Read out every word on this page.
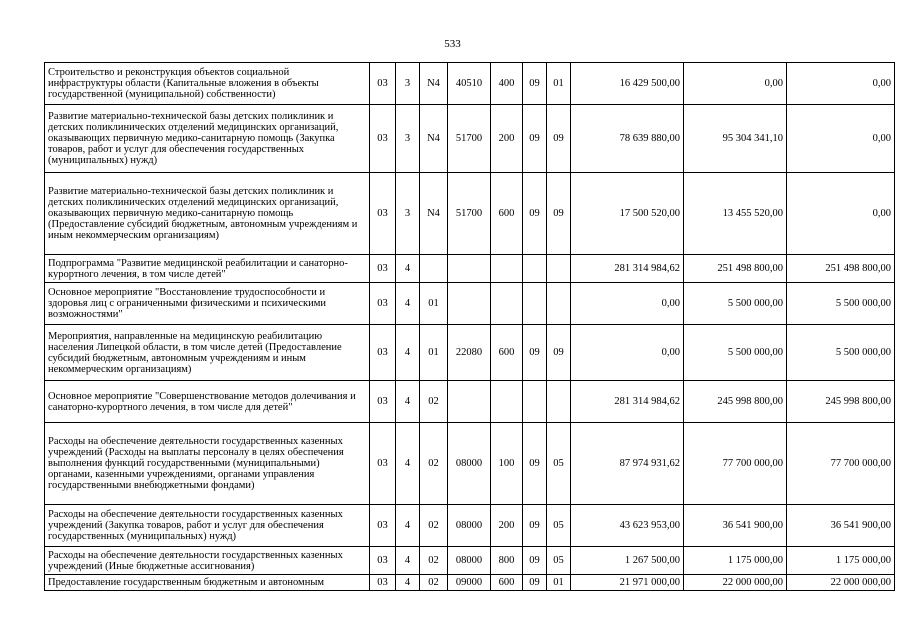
533
Строительство и реконструкция объектов социальной инфраструктуры области (Капитальные вложения в объекты государственной (муниципальной) собственности)	03	3	N4	40510	400	09	01	16 429 500,00	0,00	0,00
Развитие материально-технической базы детских поликлиник и детских поликлинических отделений медицинских организаций, оказывающих первичную медико-санитарную помощь (Закупка товаров, работ и услуг для обеспечения государственных (муниципальных) нужд)	03	3	N4	51700	200	09	09	78 639 880,00	95 304 341,10	0,00
Развитие материально-технической базы детских поликлиник и детских поликлинических отделений медицинских организаций, оказывающих первичную медико-санитарную помощь (Предоставление субсидий бюджетным, автономным учреждениям и иным некоммерческим организациям)	03	3	N4	51700	600	09	09	17 500 520,00	13 455 520,00	0,00
Подпрограмма "Развитие медицинской реабилитации и санаторно-курортного лечения, в том числе детей"	03	4						281 314 984,62	251 498 800,00	251 498 800,00
Основное мероприятие "Восстановление трудоспособности и здоровья лиц с ограниченными физическими и психическими возможностями"	03	4	01					0,00	5 500 000,00	5 500 000,00
Мероприятия, направленные на медицинскую реабилитацию населения Липецкой области, в том числе детей (Предоставление субсидий бюджетным, автономным учреждениям и иным некоммерческим организациям)	03	4	01	22080	600	09	09	0,00	5 500 000,00	5 500 000,00
Основное мероприятие "Совершенствование методов долечивания и санаторно-курортного лечения, в том числе для детей"	03	4	02					281 314 984,62	245 998 800,00	245 998 800,00
Расходы на обеспечение деятельности государственных казенных учреждений (Расходы на выплаты персоналу в целях обеспечения выполнения функций государственными (муниципальными) органами, казенными учреждениями, органами управления государственными внебюджетными фондами)	03	4	02	08000	100	09	05	87 974 931,62	77 700 000,00	77 700 000,00
Расходы на обеспечение деятельности государственных казенных учреждений (Закупка товаров, работ и услуг для обеспечения государственных (муниципальных) нужд)	03	4	02	08000	200	09	05	43 623 953,00	36 541 900,00	36 541 900,00
Расходы на обеспечение деятельности государственных казенных учреждений (Иные бюджетные ассигнования)	03	4	02	08000	800	09	05	1 267 500,00	1 175 000,00	1 175 000,00
Предоставление государственным бюджетным и автономным	03	4	02	09000	600	09	01	21 971 000,00	22 000 000,00	22 000 000,00
